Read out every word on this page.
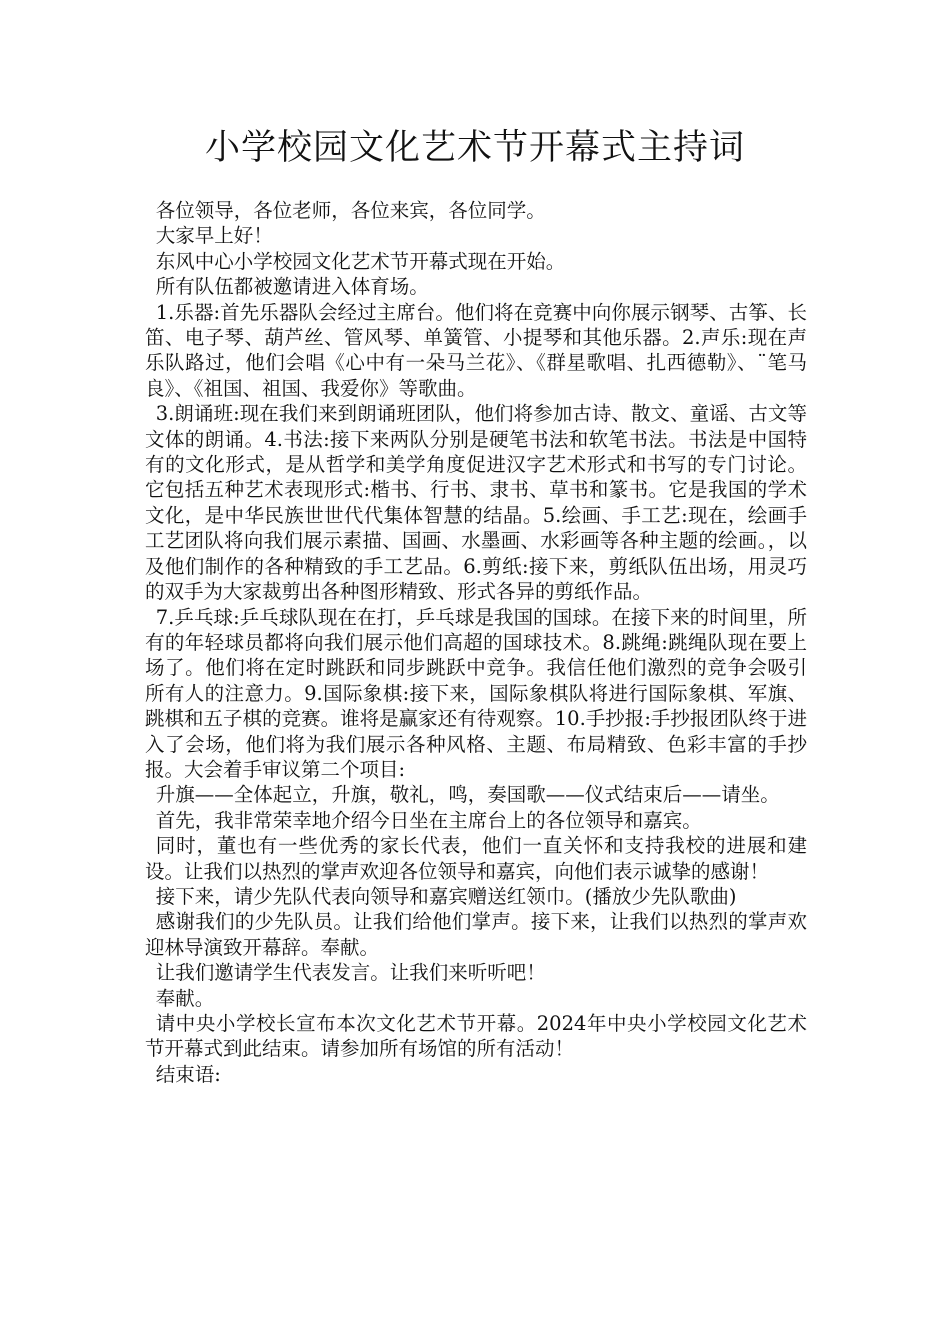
小学校园文化艺术节开幕式主持词

各位领导，各位老师，各位来宾，各位同学。

大家早上好！

东风中心小学校园文化艺术节开幕式现在开始。

所有队伍都被邀请进入体育场。

1.乐器:首先乐器队会经过主席台。他们将在竞赛中向你展示钢琴、古筝、长笛、电子琴、葫芦丝、管风琴、单簧管、小提琴和其他乐器。2.声乐:现在声乐队路过，他们会唱《心中有一朵马兰花》、《群星歌唱、扎西德勒》、¨笔马良》、《祖国、祖国、我爱你》等歌曲。

3.朗诵班:现在我们来到朗诵班团队，他们将参加古诗、散文、童谣、古文等文体的朗诵。4.书法:接下来两队分别是硬笔书法和软笔书法。书法是中国特有的文化形式，是从哲学和美学角度促进汉字艺术形式和书写的专门讨论。它包括五种艺术表现形式:楷书、行书、隶书、草书和篆书。它是我国的学术文化，是中华民族世世代代集体智慧的结晶。5.绘画、手工艺:现在，绘画手工艺团队将向我们展示素描、国画、水墨画、水彩画等各种主题的绘画。，以及他们制作的各种精致的手工艺品。6.剪纸:接下来，剪纸队伍出场，用灵巧的双手为大家裁剪出各种图形精致、形式各异的剪纸作品。

7.乒乓球:乒乓球队现在在打，乒乓球是我国的国球。在接下来的时间里，所有的年轻球员都将向我们展示他们高超的国球技术。8.跳绳:跳绳队现在要上场了。他们将在定时跳跃和同步跳跃中竞争。我信任他们激烈的竞争会吸引所有人的注意力。9.国际象棋:接下来，国际象棋队将进行国际象棋、军旗、跳棋和五子棋的竞赛。谁将是赢家还有待观察。10.手抄报:手抄报团队终于进入了会场，他们将为我们展示各种风格、主题、布局精致、色彩丰富的手抄报。大会着手审议第二个项目:

升旗——全体起立，升旗，敬礼，鸣，奏国歌——仪式结束后——请坐。

首先，我非常荣幸地介绍今日坐在主席台上的各位领导和嘉宾。

同时，董也有一些优秀的家长代表，他们一直关怀和支持我校的进展和建设。让我们以热烈的掌声欢迎各位领导和嘉宾，向他们表示诚挚的感谢！

接下来，请少先队代表向领导和嘉宾赠送红领巾。(播放少先队歌曲)

感谢我们的少先队员。让我们给他们掌声。接下来，让我们以热烈的掌声欢迎林导演致开幕辞。奉献。

让我们邀请学生代表发言。让我们来听听吧！

奉献。

请中央小学校长宣布本次文化艺术节开幕。2024年中央小学校园文化艺术节开幕式到此结束。请参加所有场馆的所有活动！

结束语:
